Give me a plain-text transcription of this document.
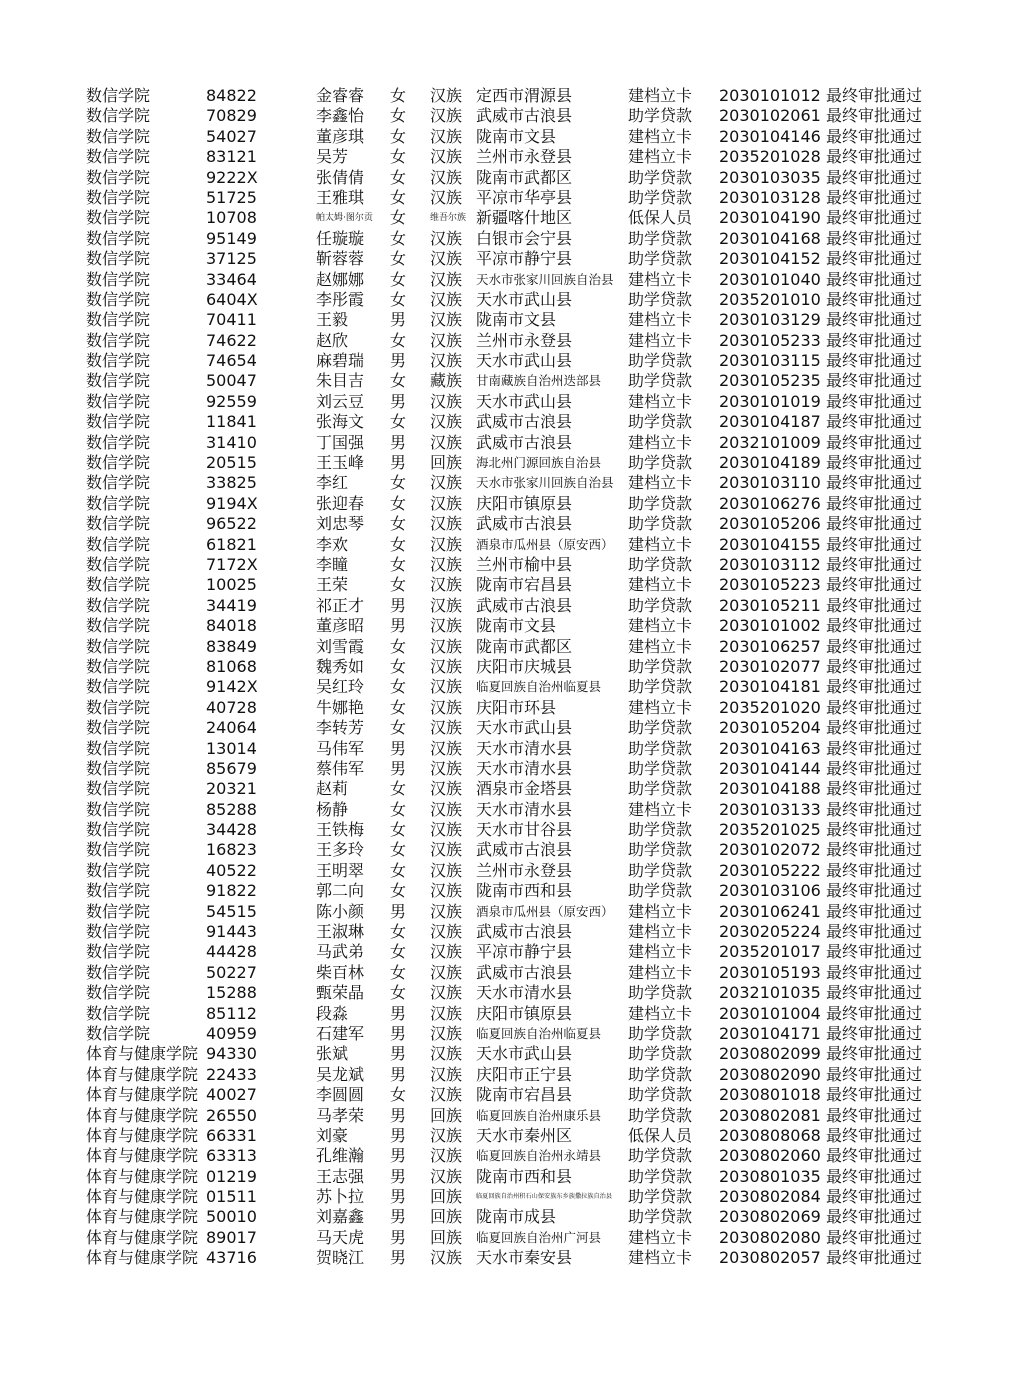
数信学院	84822	金睿睿	女	汉族 定西市渭源县	建档立卡	2030101012 最终审批通过
数信学院	70829	李鑫怡	女	汉族 武威市古浪县	助学贷款	2030102061 最终审批通过
数信学院	54027	董彦琪	女	汉族 陇南市文县	建档立卡	2030104146 最终审批通过
数信学院	83121	吴芳	女	汉族 兰州市永登县	建档立卡	2035201028 最终审批通过
数信学院	9222X	张倩倩	女	汉族 陇南市武都区	助学贷款	2030103035 最终审批通过
数信学院	51725	王雅琪	女	汉族 平凉市华亭县	助学贷款	2030103128 最终审批通过
数信学院	10708	帕太姆·图尔贡	女	维吾尔族 新疆喀什地区	低保人员	2030104190 最终审批通过
数信学院	95149	任璇璇	女	汉族 白银市会宁县	助学贷款	2030104168 最终审批通过
数信学院	37125	靳蓉蓉	女	汉族 平凉市静宁县	助学贷款	2030104152 最终审批通过
数信学院	33464	赵娜娜	女	汉族	天水市张家川回族自治县 建档立卡	2030101040 最终审批通过
数信学院	6404X	李彤霞	女	汉族 天水市武山县	助学贷款	2035201010 最终审批通过
数信学院	70411	王毅	男	汉族 陇南市文县	建档立卡	2030103129 最终审批通过
数信学院	74622	赵欣	女	汉族 兰州市永登县	建档立卡	2030105233 最终审批通过
数信学院	74654	麻碧瑞	男	汉族 天水市武山县	助学贷款	2030103115 最终审批通过
数信学院	50047	朱目吉	女	藏族	甘南藏族自治州迭部县	助学贷款	2030105235 最终审批通过
数信学院	92559	刘云豆	男	汉族 天水市武山县	建档立卡	2030101019 最终审批通过
数信学院	11841	张海文	女	汉族 武威市古浪县	助学贷款	2030104187 最终审批通过
数信学院	31410	丁国强	男	汉族 武威市古浪县	建档立卡	2032101009 最终审批通过
数信学院	20515	王玉峰	男	回族	海北州门源回族自治县	助学贷款	2030104189 最终审批通过
数信学院	33825	李红	女	汉族	天水市张家川回族自治县 建档立卡	2030103110 最终审批通过
数信学院	9194X	张迎春	女	汉族 庆阳市镇原县	助学贷款	2030106276 最终审批通过
数信学院	96522	刘忠琴	女	汉族 武威市古浪县	助学贷款	2030105206 最终审批通过
数信学院	61821	李欢	女	汉族	酒泉市瓜州县（原安西） 建档立卡	2030104155 最终审批通过
数信学院	7172X	李瞳	女	汉族 兰州市榆中县	助学贷款	2030103112 最终审批通过
数信学院	10025	王荣	女	汉族 陇南市宕昌县	建档立卡	2030105223 最终审批通过
数信学院	34419	祁正才	男	汉族 武威市古浪县	助学贷款	2030105211 最终审批通过
数信学院	84018	董彦昭	男	汉族 陇南市文县	建档立卡	2030101002 最终审批通过
数信学院	83849	刘雪霞	女	汉族 陇南市武都区	建档立卡	2030106257 最终审批通过
数信学院	81068	魏秀如	女	汉族 庆阳市庆城县	助学贷款	2030102077 最终审批通过
数信学院	9142X	吴红玲	女	汉族	临夏回族自治州临夏县	助学贷款	2030104181 最终审批通过
数信学院	40728	牛娜艳	女	汉族 庆阳市环县	建档立卡	2035201020 最终审批通过
数信学院	24064	李转芳	女	汉族 天水市武山县	助学贷款	2030105204 最终审批通过
数信学院	13014	马伟军	男	汉族 天水市清水县	助学贷款	2030104163 最终审批通过
数信学院	85679	蔡伟军	男	汉族 天水市清水县	助学贷款	2030104144 最终审批通过
数信学院	20321	赵莉	女	汉族 酒泉市金塔县	助学贷款	2030104188 最终审批通过
数信学院	85288	杨静	女	汉族 天水市清水县	建档立卡	2030103133 最终审批通过
数信学院	34428	王铁梅	女	汉族 天水市甘谷县	助学贷款	2035201025 最终审批通过
数信学院	16823	王多玲	女	汉族 武威市古浪县	助学贷款	2030102072 最终审批通过
数信学院	40522	王明翠	女	汉族 兰州市永登县	助学贷款	2030105222 最终审批通过
数信学院	91822	郭二向	女	汉族 陇南市西和县	助学贷款	2030103106 最终审批通过
数信学院	54515	陈小颜	男	汉族	酒泉市瓜州县（原安西） 建档立卡	2030106241 最终审批通过
数信学院	91443	王淑琳	女	汉族 武威市古浪县	建档立卡	2030205224 最终审批通过
数信学院	44428	马武弟	女	汉族 平凉市静宁县	建档立卡	2035201017 最终审批通过
数信学院	50227	柴百林	女	汉族 武威市古浪县	建档立卡	2030105193 最终审批通过
数信学院	15288	甄荣晶	女	汉族 天水市清水县	助学贷款	2032101035 最终审批通过
数信学院	85112	段淼	男	汉族 庆阳市镇原县	建档立卡	2030101004 最终审批通过
数信学院	40959	石建军	男	汉族	临夏回族自治州临夏县	助学贷款	2030104171 最终审批通过
体育与健康学院 94330	张斌	男	汉族 天水市武山县	助学贷款	2030802099 最终审批通过
体育与健康学院 22433	吴龙斌	男	汉族 庆阳市正宁县	助学贷款	2030802090 最终审批通过
体育与健康学院 40027	李圆圆	女	汉族 陇南市宕昌县	助学贷款	2030801018 最终审批通过
体育与健康学院 26550	马孝荣	男	回族	临夏回族自治州康乐县	助学贷款	2030802081 最终审批通过
体育与健康学院 66331	刘豪	男	汉族 天水市秦州区	低保人员	2030808068 最终审批通过
体育与健康学院 63313	孔维瀚	男	汉族	临夏回族自治州永靖县	助学贷款	2030802060 最终审批通过
体育与健康学院 01219	王志强	男	汉族 陇南市西和县	助学贷款	2030801035 最终审批通过
体育与健康学院 01511	苏卜拉	男	回族	临夏回族自治州积石山保安族东乡族撒拉族自治县 助学贷款	2030802084 最终审批通过
体育与健康学院 50010	刘嘉鑫	男	回族 陇南市成县	助学贷款	2030802069 最终审批通过
体育与健康学院 89017	马天虎	男	回族	临夏回族自治州广河县	建档立卡	2030802080 最终审批通过
体育与健康学院 43716	贺晓江	男	汉族 天水市秦安县	建档立卡	2030802057 最终审批通过
